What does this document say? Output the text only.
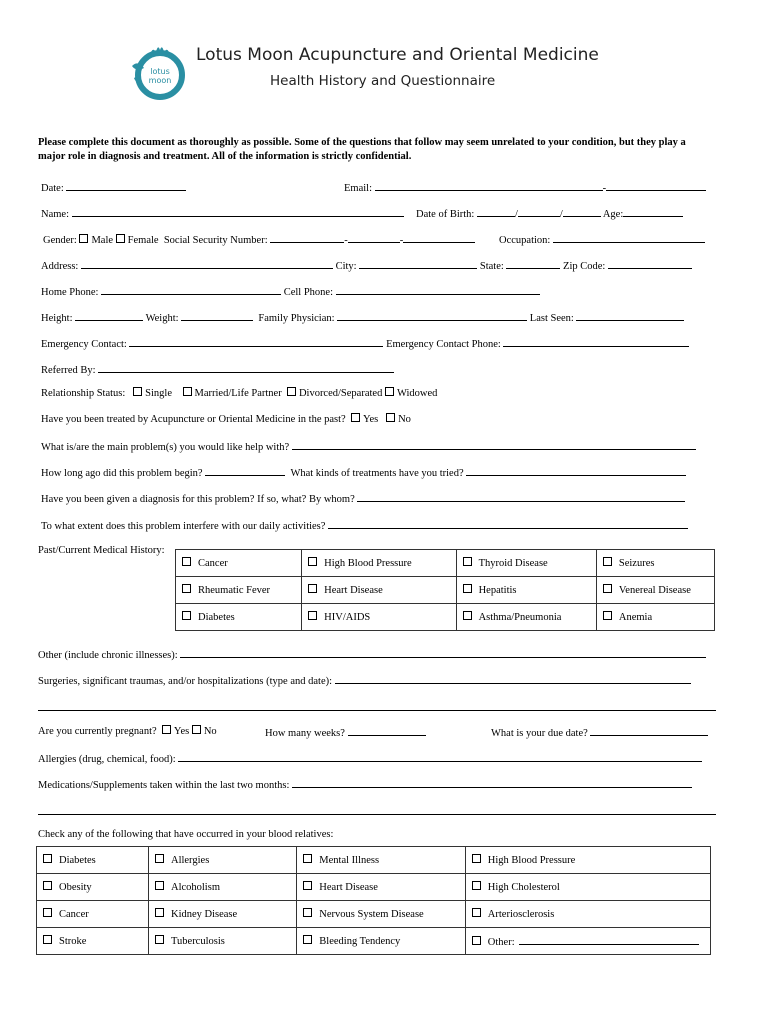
lotus
moon
Lotus Moon Acupuncture and Oriental Medicine
Health History and Questionnaire
Please complete this document as thoroughly as possible. Some of the questions that follow may seem unrelated to your condition, but they play a major role in diagnosis and treatment. All of the information is strictly confidential.
Date:	Email:	-
Name:	Date of Birth:	/	/	Age:
Gender: Male Female Social Security Number:	-	-	Occupation:
Address:	City:	State:	Zip Code:
Home Phone:	Cell Phone:
Height:	Weight:	Family Physician:	Last Seen:
Emergency Contact:	Emergency Contact Phone:
Referred By:
Relationship Status: Single Married/Life Partner Divorced/Separated Widowed
Have you been treated by Acupuncture or Oriental Medicine in the past? Yes No
What is/are the main problem(s) you would like help with?
How long ago did this problem begin?	What kinds of treatments have you tried?
Have you been given a diagnosis for this problem? If so, what? By whom?
To what extent does this problem interfere with our daily activities?
Past/Current Medical History:
Cancer	High Blood Pressure	Thyroid Disease	Seizures
Rheumatic Fever	Heart Disease	Hepatitis	Venereal Disease
Diabetes	HIV/AIDS	Asthma/Pneumonia	Anemia
Other (include chronic illnesses):
Surgeries, significant traumas, and/or hospitalizations (type and date):
Are you currently pregnant? Yes No	How many weeks?	What is your due date?
Allergies (drug, chemical, food):
Medications/Supplements taken within the last two months:
Check any of the following that have occurred in your blood relatives:
Diabetes	Allergies	Mental Illness	High Blood Pressure
Obesity	Alcoholism	Heart Disease	High Cholesterol
Cancer	Kidney Disease	Nervous System Disease	Arteriosclerosis
Stroke	Tuberculosis	Bleeding Tendency	Other:
